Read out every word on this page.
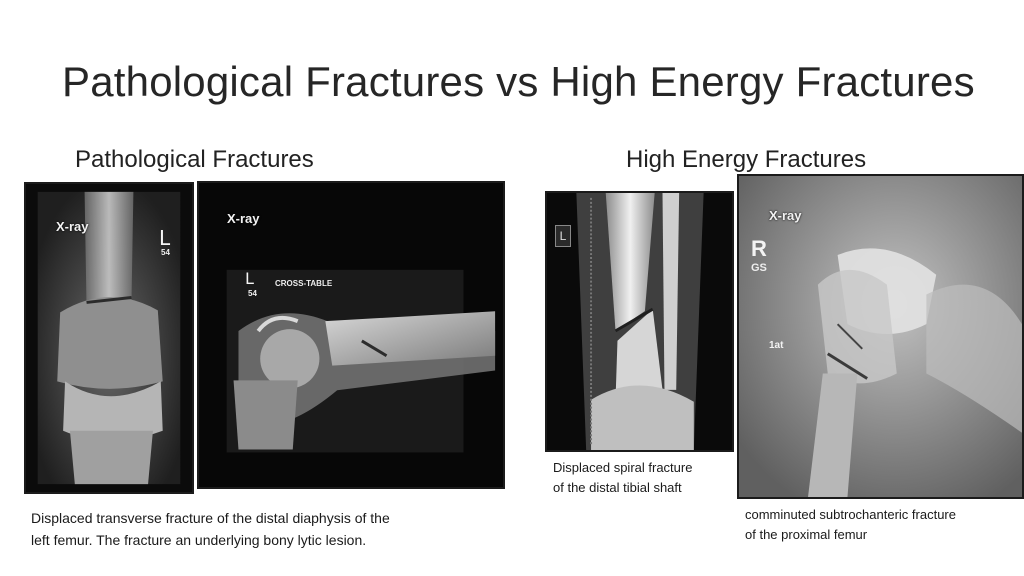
Pathological Fractures vs High Energy Fractures
Pathological Fractures	High Energy Fractures
X-ray	L
54
X-ray
L
54
CROSS-TABLE
L
X-ray
R
GS
1at
Displaced transverse fracture of the distal diaphysis of the
left femur. The fracture an underlying bony lytic lesion.
Displaced spiral fracture
of the distal tibial shaft
comminuted subtrochanteric fracture
of the proximal femur
